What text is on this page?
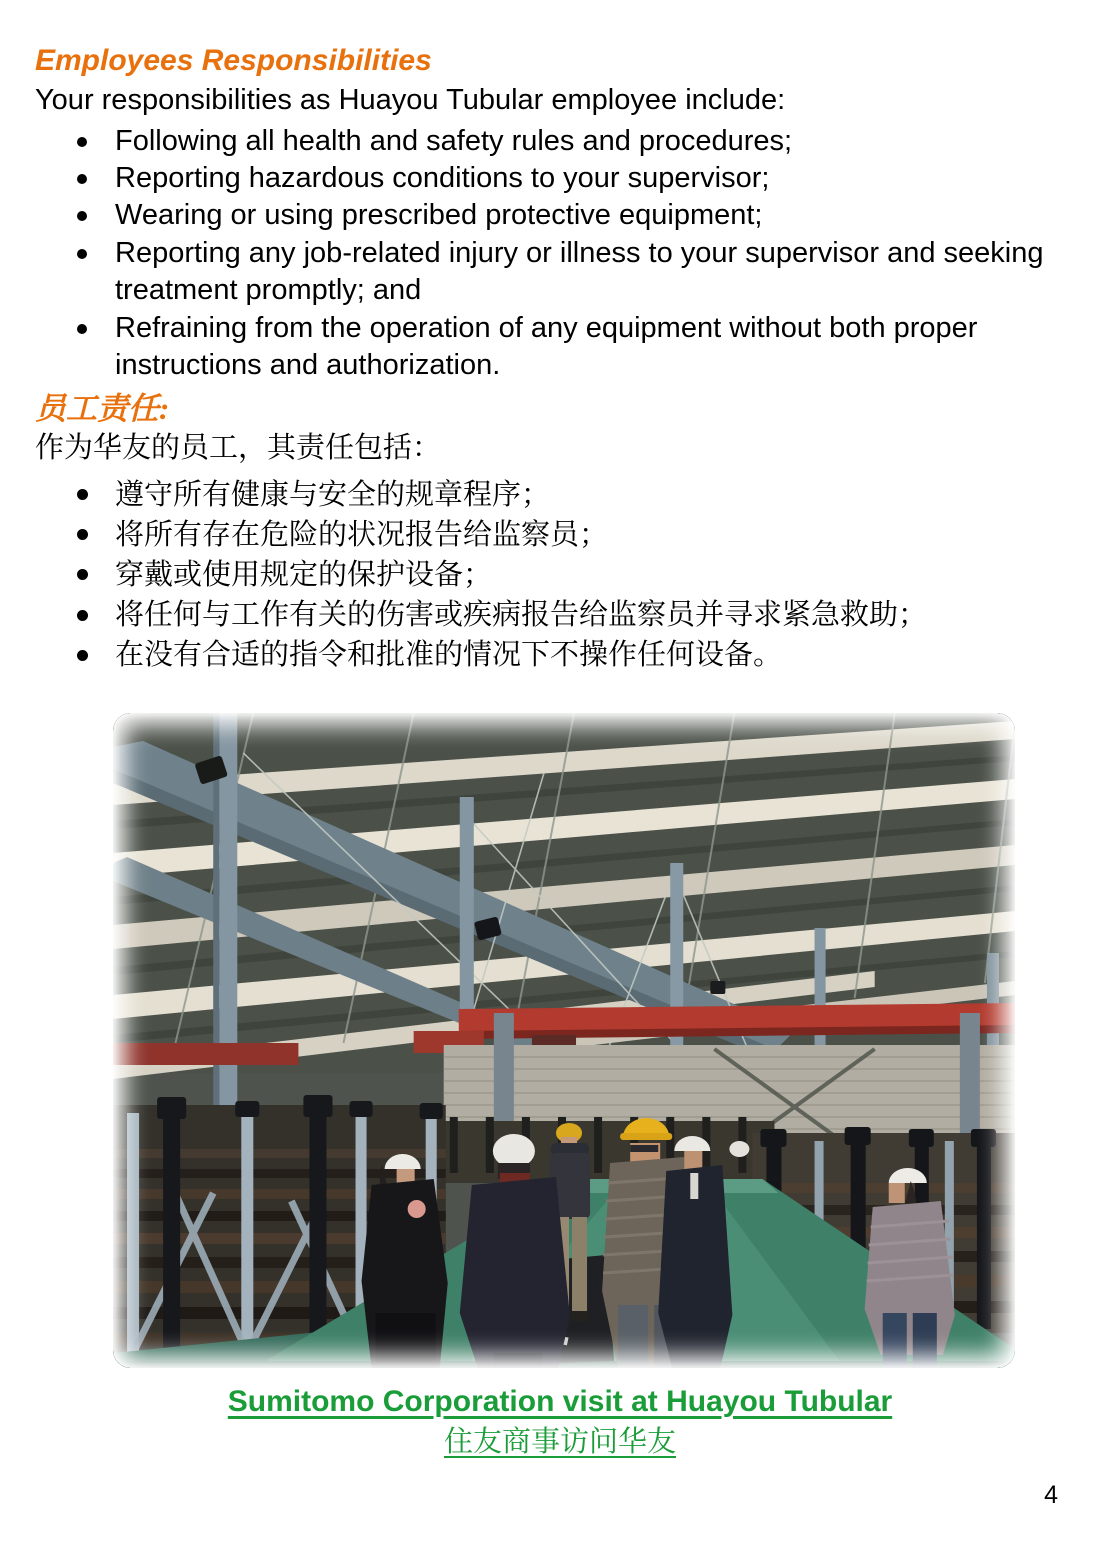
Employees Responsibilities

Your responsibilities as Huayou Tubular employee include:

Following all health and safety rules and procedures;
Reporting hazardous conditions to your supervisor;
Wearing or using prescribed protective equipment;
Reporting any job-related injury or illness to your supervisor and seeking treatment promptly; and
Refraining from the operation of any equipment without both proper instructions and authorization.
员工责任:

作为华友的员工，其责任包括：

遵守所有健康与安全的规章程序；
将所有存在危险的状况报告给监察员；
穿戴或使用规定的保护设备；
将任何与工作有关的伤害或疾病报告给监察员并寻求紧急救助；
在没有合适的指令和批准的情况下不操作任何设备。
Sumitomo Corporation visit at Huayou Tubular
住友商事访问华友
4
